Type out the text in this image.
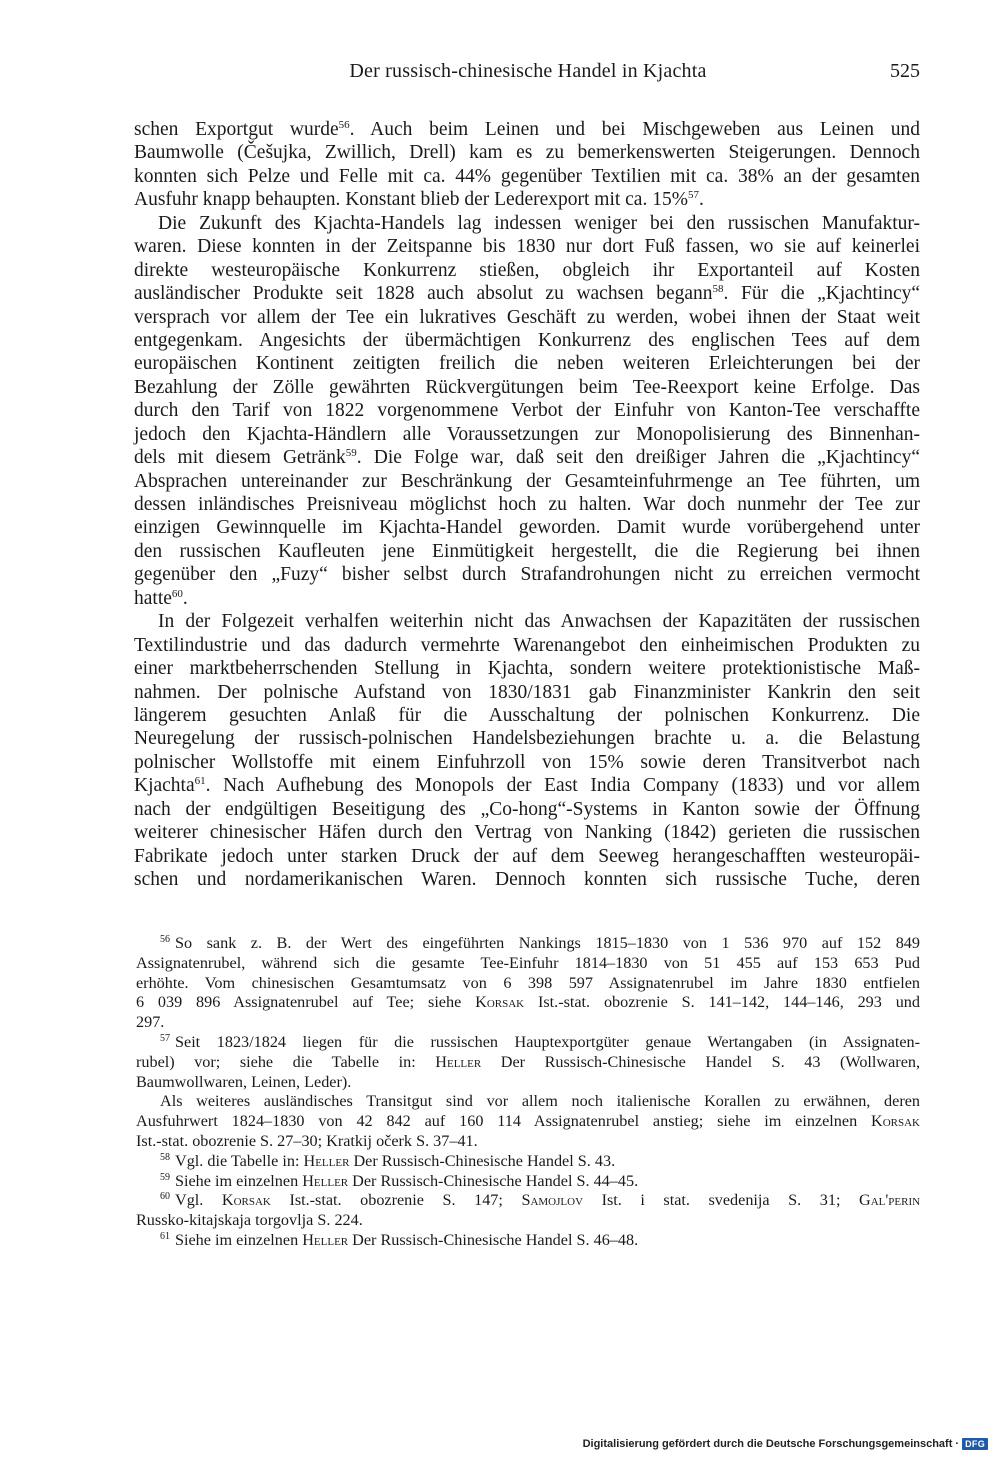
Der russisch-chinesische Handel in Kjachta	525
schen Exportgut wurde$^{56}$. Auch beim Leinen und bei Mischgeweben aus Leinen und
Baumwolle (Češujka, Zwillich, Drell) kam es zu bemerkenswerten Steigerungen. Dennoch
konnten sich Pelze und Felle mit ca. 44% gegenüber Textilien mit ca. 38% an der gesamten
Ausfuhr knapp behaupten. Konstant blieb der Lederexport mit ca. 15%$^{57}$.
Die Zukunft des Kjachta-Handels lag indessen weniger bei den russischen Manufaktur-
waren. Diese konnten in der Zeitspanne bis 1830 nur dort Fuß fassen, wo sie auf keinerlei
direkte westeuropäische Konkurrenz stießen, obgleich ihr Exportanteil auf Kosten
ausländischer Produkte seit 1828 auch absolut zu wachsen begann$^{58}$. Für die „Kjachtincy“
versprach vor allem der Tee ein lukratives Geschäft zu werden, wobei ihnen der Staat weit
entgegenkam. Angesichts der übermächtigen Konkurrenz des englischen Tees auf dem
europäischen Kontinent zeitigten freilich die neben weiteren Erleichterungen bei der
Bezahlung der Zölle gewährten Rückvergütungen beim Tee-Reexport keine Erfolge. Das
durch den Tarif von 1822 vorgenommene Verbot der Einfuhr von Kanton-Tee verschaffte
jedoch den Kjachta-Händlern alle Voraussetzungen zur Monopolisierung des Binnenhan-
dels mit diesem Getränk$^{59}$. Die Folge war, daß seit den dreißiger Jahren die „Kjachtincy“
Absprachen untereinander zur Beschränkung der Gesamteinfuhrmenge an Tee führten, um
dessen inländisches Preisniveau möglichst hoch zu halten. War doch nunmehr der Tee zur
einzigen Gewinnquelle im Kjachta-Handel geworden. Damit wurde vorübergehend unter
den russischen Kaufleuten jene Einmütigkeit hergestellt, die die Regierung bei ihnen
gegenüber den „Fuzy“ bisher selbst durch Strafandrohungen nicht zu erreichen vermocht
hatte$^{60}$.
In der Folgezeit verhalfen weiterhin nicht das Anwachsen der Kapazitäten der russischen
Textilindustrie und das dadurch vermehrte Warenangebot den einheimischen Produkten zu
einer marktbeherrschenden Stellung in Kjachta, sondern weitere protektionistische Maß-
nahmen. Der polnische Aufstand von 1830/1831 gab Finanzminister Kankrin den seit
längerem gesuchten Anlaß für die Ausschaltung der polnischen Konkurrenz. Die
Neuregelung der russisch-polnischen Handelsbeziehungen brachte u. a. die Belastung
polnischer Wollstoffe mit einem Einfuhrzoll von 15% sowie deren Transitverbot nach
Kjachta$^{61}$. Nach Aufhebung des Monopols der East India Company (1833) und vor allem
nach der endgültigen Beseitigung des „Co-hong“-Systems in Kanton sowie der Öffnung
weiterer chinesischer Häfen durch den Vertrag von Nanking (1842) gerieten die russischen
Fabrikate jedoch unter starken Druck der auf dem Seeweg herangeschafften westeuropäi-
schen und nordamerikanischen Waren. Dennoch konnten sich russische Tuche, deren
$^{56}$ So sank z. B. der Wert des eingeführten Nankings 1815–1830 von 1 536 970 auf 152 849
Assignatenrubel, während sich die gesamte Tee-Einfuhr 1814–1830 von 51 455 auf 153 653 Pud
erhöhte. Vom chinesischen Gesamtumsatz von 6 398 597 Assignatenrubel im Jahre 1830 entfielen
6 039 896 Assignatenrubel auf Tee; siehe Korsak Ist.-stat. obozrenie S. 141–142, 144–146, 293 und
297.
$^{57}$ Seit 1823/1824 liegen für die russischen Hauptexportgüter genaue Wertangaben (in Assignaten-
rubel) vor; siehe die Tabelle in: Heller Der Russisch-Chinesische Handel S. 43 (Wollwaren,
Baumwollwaren, Leinen, Leder).
Als weiteres ausländisches Transitgut sind vor allem noch italienische Korallen zu erwähnen, deren
Ausfuhrwert 1824–1830 von 42 842 auf 160 114 Assignatenrubel anstieg; siehe im einzelnen Korsak
Ist.-stat. obozrenie S. 27–30; Kratkij očerk S. 37–41.
$^{58}$ Vgl. die Tabelle in: Heller Der Russisch-Chinesische Handel S. 43.
$^{59}$ Siehe im einzelnen Heller Der Russisch-Chinesische Handel S. 44–45.
$^{60}$ Vgl. Korsak Ist.-stat. obozrenie S. 147; Samojlov Ist. i stat. svedenija S. 31; Gal'perin
Russko-kitajskaja torgovlja S. 224.
$^{61}$ Siehe im einzelnen Heller Der Russisch-Chinesische Handel S. 46–48.
Digitalisierung gefördert durch die Deutsche Forschungsgemeinschaft · DFG
